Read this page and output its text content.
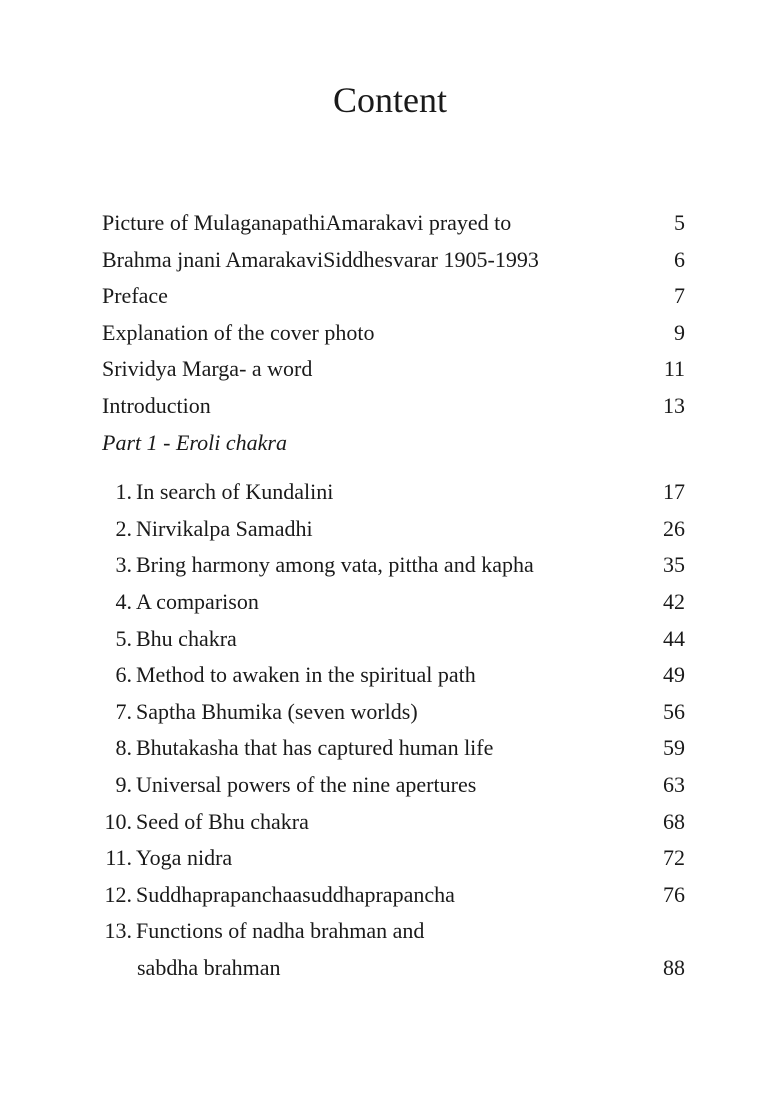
Content
Picture of MulaganapathiAmarakavi prayed to	5
Brahma jnani AmarakaviSiddhesvarar 1905-1993	6
Preface	7
Explanation of the cover photo	9
Srividya Marga- a word	11
Introduction	13
Part 1 - Eroli chakra
1. In search of Kundalini	17
2. Nirvikalpa Samadhi	26
3. Bring harmony among vata, pittha and kapha	35
4. A comparison	42
5. Bhu chakra	44
6. Method to awaken in the spiritual path	49
7. Saptha Bhumika (seven worlds)	56
8. Bhutakasha that has captured human life	59
9. Universal powers of the nine apertures	63
10. Seed of Bhu chakra	68
11. Yoga nidra	72
12. Suddhaprapanchaasuddhaprapancha	76
13. Functions of nadha brahman and
sabdha brahman	88
